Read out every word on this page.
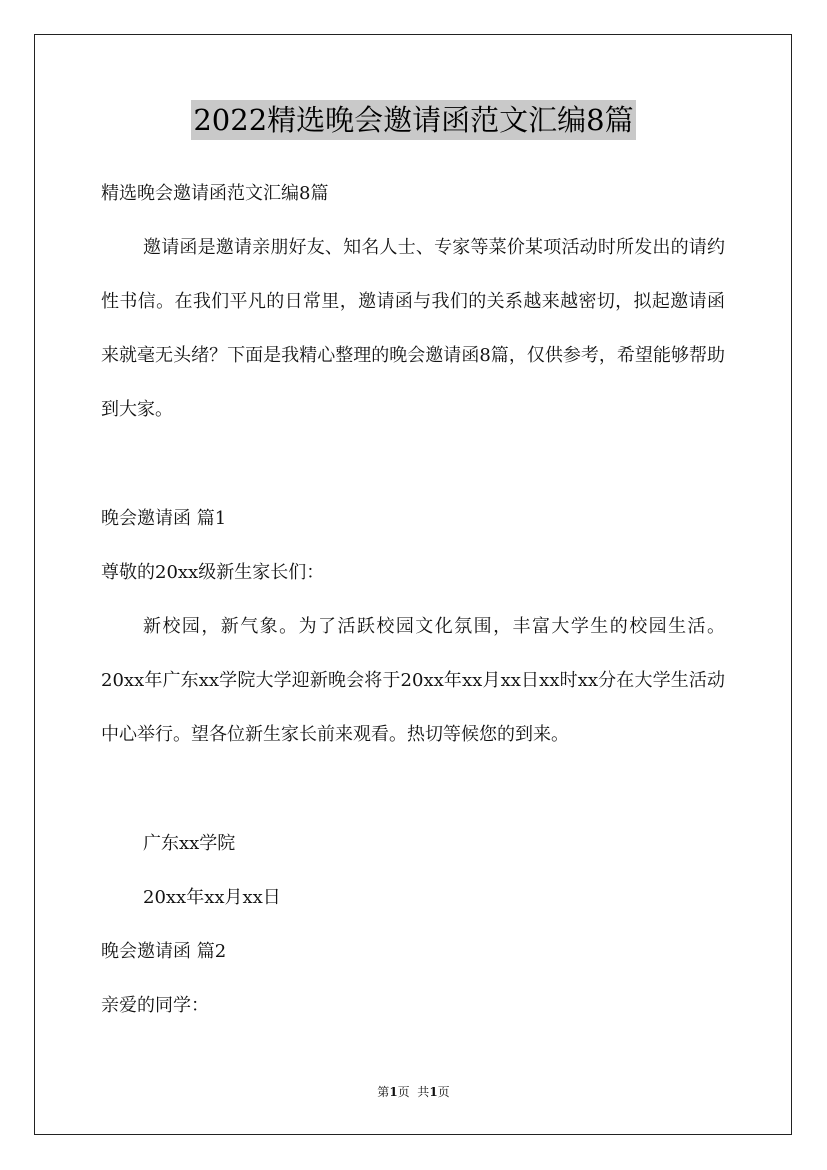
2022精选晚会邀请函范文汇编8篇
精选晚会邀请函范文汇编8篇
邀请函是邀请亲朋好友、知名人士、专家等菜价某项活动时所发出的请约性书信。在我们平凡的日常里，邀请函与我们的关系越来越密切，拟起邀请函来就毫无头绪？下面是我精心整理的晚会邀请函8篇，仅供参考，希望能够帮助到大家。
晚会邀请函 篇1
尊敬的20xx级新生家长们：
新校园，新气象。为了活跃校园文化氛围，丰富大学生的校园生活。20xx年广东xx学院大学迎新晚会将于20xx年xx月xx日xx时xx分在大学生活动中心举行。望各位新生家长前来观看。热切等候您的到来。
广东xx学院
20xx年xx月xx日
晚会邀请函 篇2
亲爱的同学：
第1页  共1页
